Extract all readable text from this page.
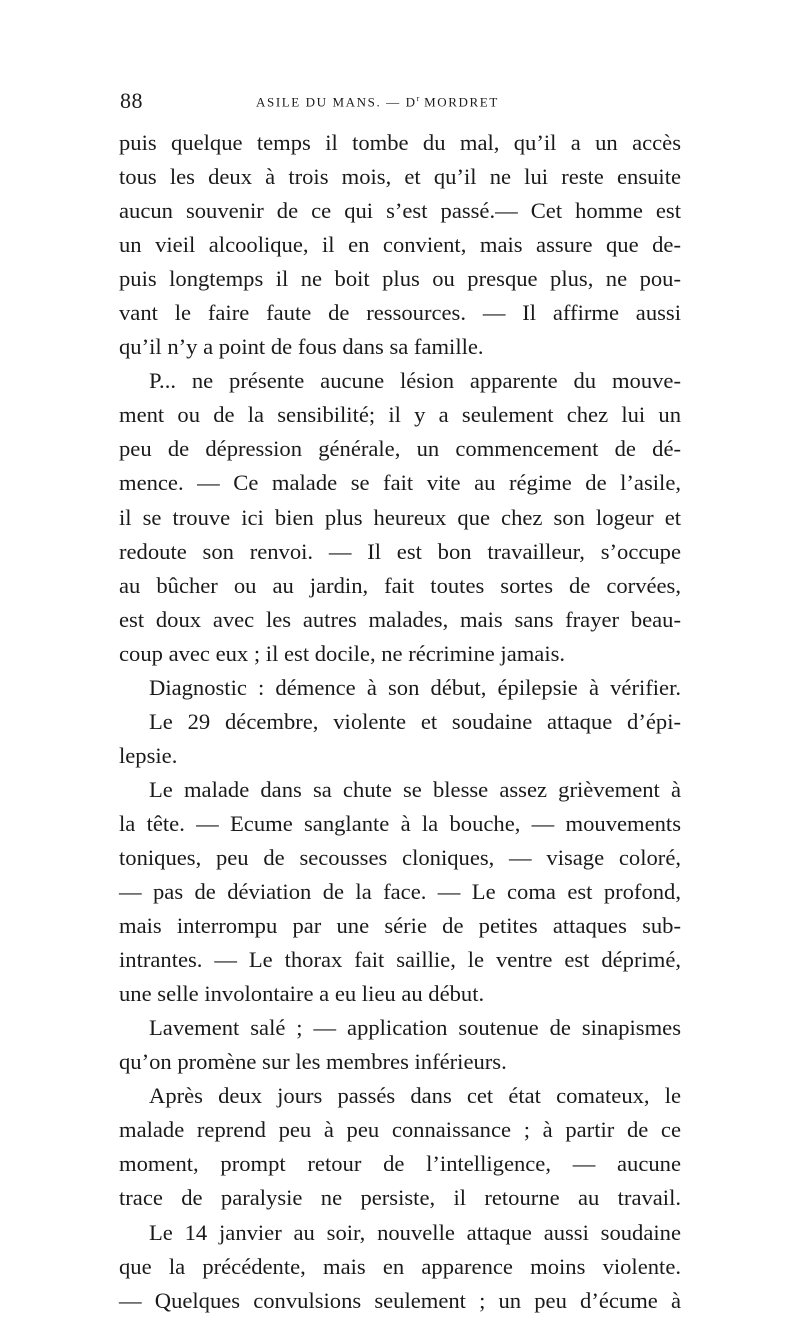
88	ASILE DU MANS. — $D^r$ MORDRET
puis quelque temps il tombe du mal, qu’il a un accès
tous les deux à trois mois, et qu’il ne lui reste ensuite
aucun souvenir de ce qui s’est passé.— Cet homme est
un vieil alcoolique, il en convient, mais assure que de-
puis longtemps il ne boit plus ou presque plus, ne pou-
vant le faire faute de ressources. — Il affirme aussi
qu’il n’y a point de fous dans sa famille.
P... ne présente aucune lésion apparente du mouve-
ment ou de la sensibilité; il y a seulement chez lui un
peu de dépression générale, un commencement de dé-
mence. — Ce malade se fait vite au régime de l’asile,
il se trouve ici bien plus heureux que chez son logeur et
redoute son renvoi. — Il est bon travailleur, s’occupe
au bûcher ou au jardin, fait toutes sortes de corvées,
est doux avec les autres malades, mais sans frayer beau-
coup avec eux ; il est docile, ne récrimine jamais.
Diagnostic : démence à son début, épilepsie à vérifier.
Le 29 décembre, violente et soudaine attaque d’épi-
lepsie.
Le malade dans sa chute se blesse assez grièvement à
la tête. — Ecume sanglante à la bouche, — mouvements
toniques, peu de secousses cloniques, — visage coloré,
— pas de déviation de la face. — Le coma est profond,
mais interrompu par une série de petites attaques sub-
intrantes. — Le thorax fait saillie, le ventre est déprimé,
une selle involontaire a eu lieu au début.
Lavement salé ; — application soutenue de sinapismes
qu’on promène sur les membres inférieurs.
Après deux jours passés dans cet état comateux, le
malade reprend peu à peu connaissance ; à partir de ce
moment, prompt retour de l’intelligence, — aucune
trace de paralysie ne persiste, il retourne au travail.
Le 14 janvier au soir, nouvelle attaque aussi soudaine
que la précédente, mais en apparence moins violente.
— Quelques convulsions seulement ; un peu d’écume à
